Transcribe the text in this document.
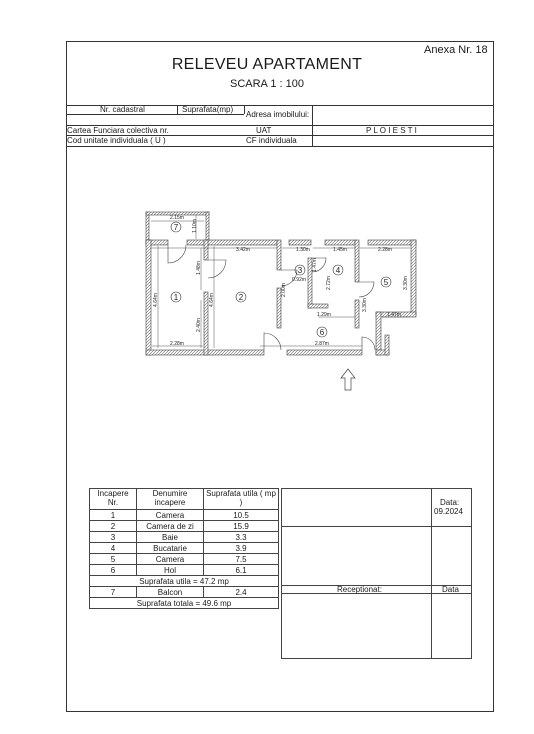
Anexa Nr. 18
RELEVEU APARTAMENT
SCARA 1 : 100
Nr. cadastral	Suprafata(mp)
Adresa imobilului:
Cartea Funciara colectiva nr.	UAT	P L O I E S T I
Cod unitate individuala ( U )	CF individuala
7
1	2
3	4
5
6
2.15m
3.42m	1.30m	1.45m	2.28m
2.28m	2.87m
1.29m	1.47m
0.92m
4.64m	4.64m
1.48m
2.40m
1.10m
2.00m
1.47m
2.72m
3.30m
3.30m
Incapere Nr.	Denumire incapere	Suprafata utila ( mp )
1	Camera	10.5
2	Camera de zi	15.9
3	Baie	3.3
4	Bucatarie	3.9
5	Camera	7.5
6	Hol	6.1
Suprafata utila = 47.2 mp		
7	Balcon	2.4
Suprafata totala = 49.6 mp		
Data:
09.2024
Receptionat:	Data
